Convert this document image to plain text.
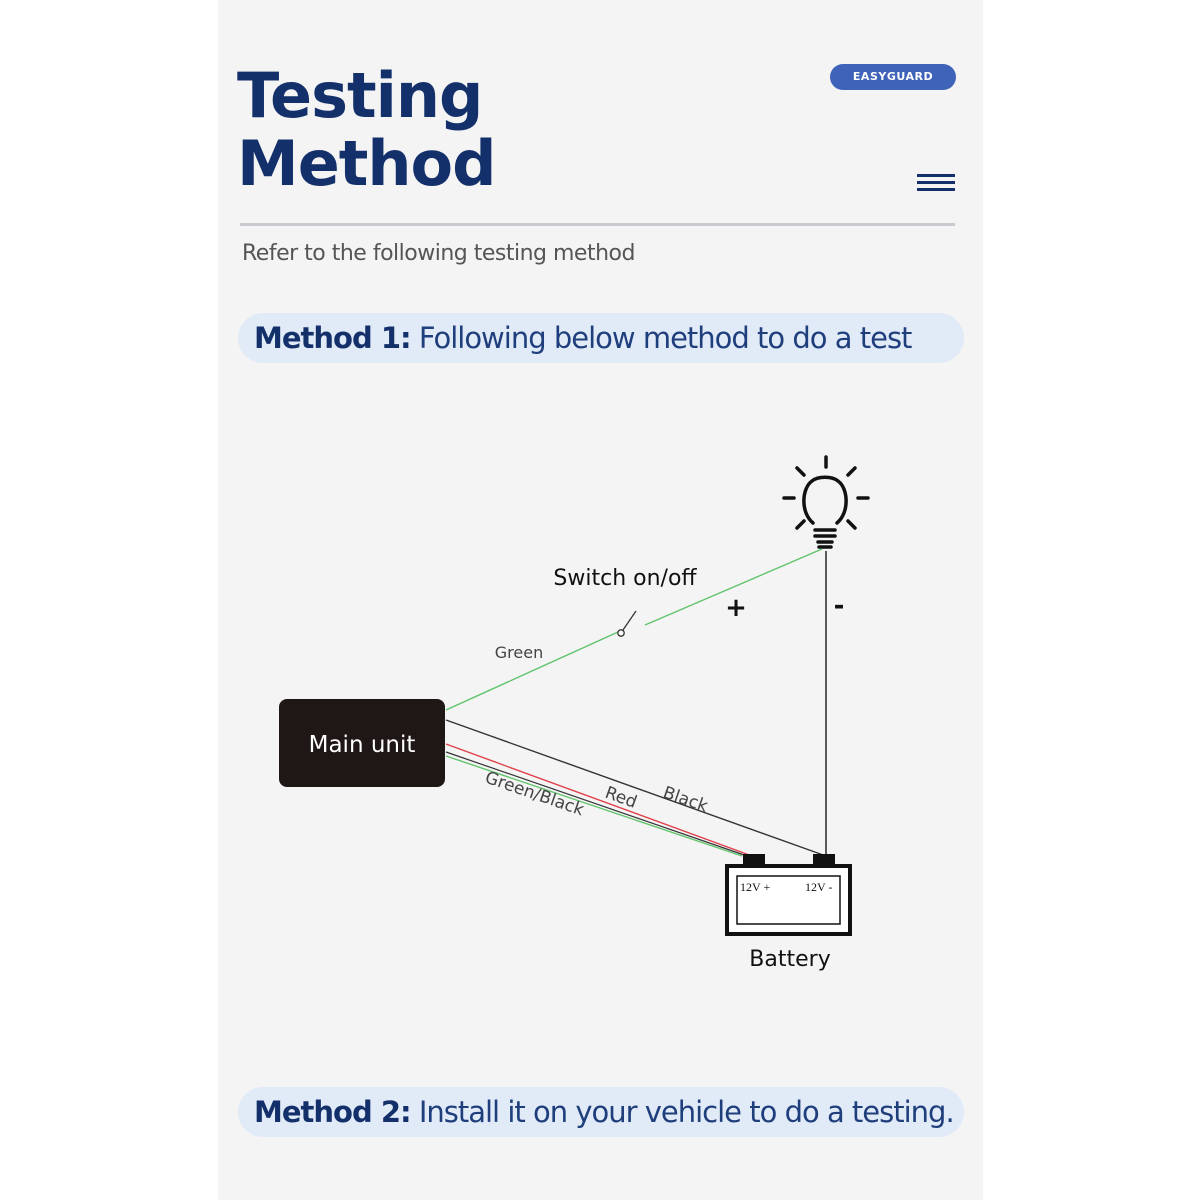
Testing
Method
EASYGUARD
Refer to the following testing method
Method 1: Following below method to do a test
Main unit
12V +	12V -
Battery
Switch on/off
+	-
Green
Black
Red
Green/Black
Method 2: Install it on your vehicle to do a testing.
